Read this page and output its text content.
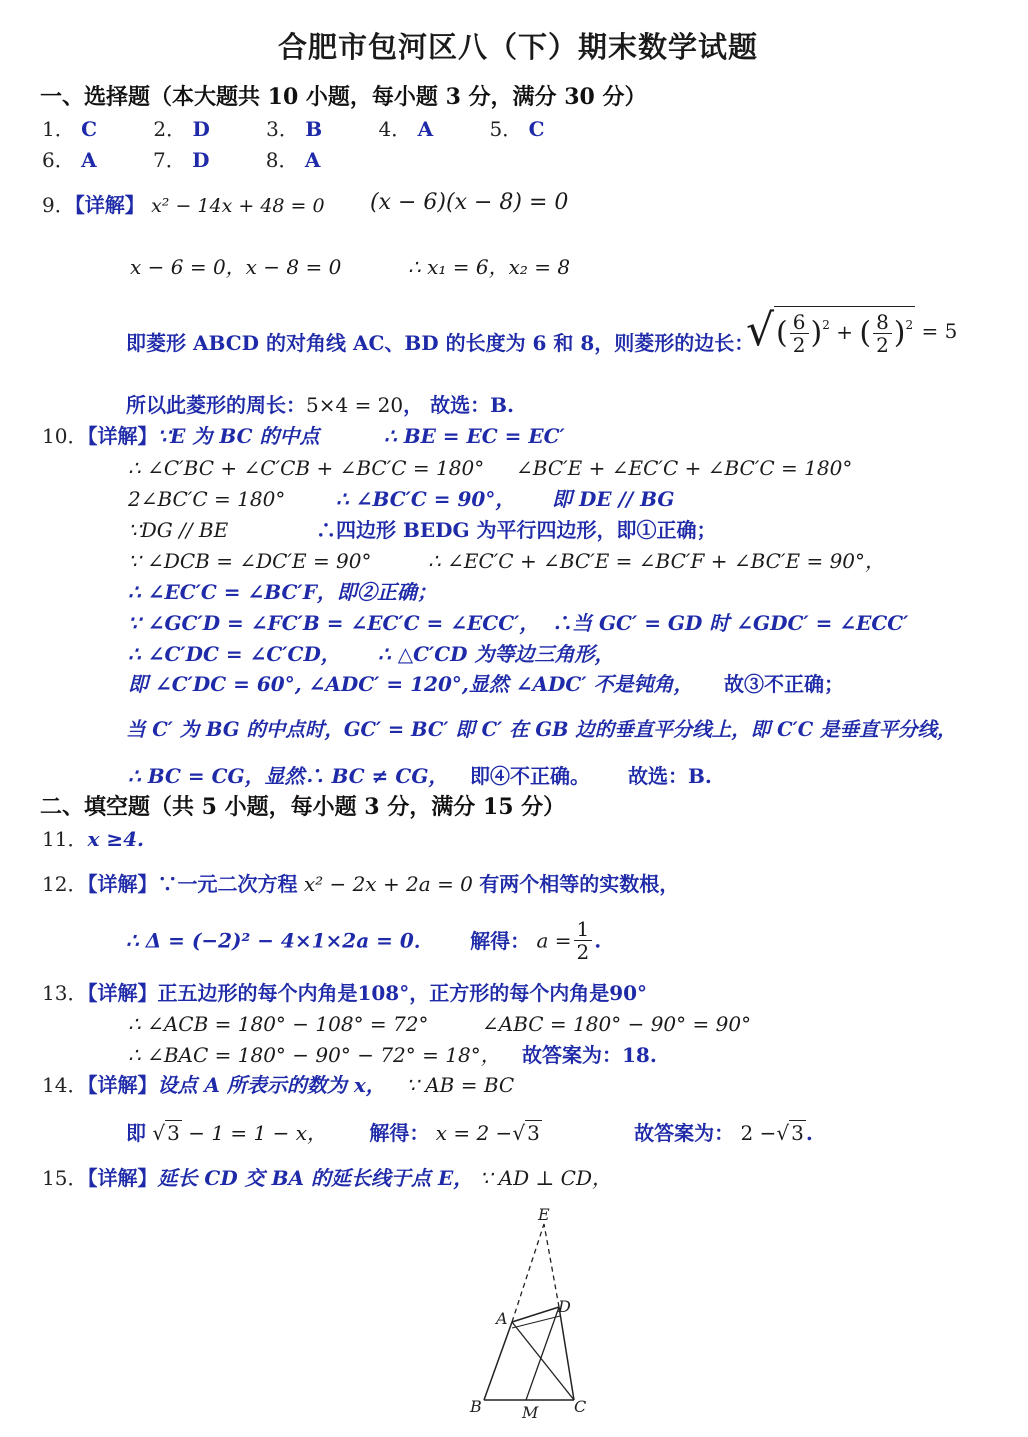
合肥市包河区八（下）期末数学试题
一、选择题（本大题共 10 小题，每小题 3 分，满分 30 分）
1． C	2． D	3． B	4． A	5． C
6． A	7． D	8． A
9．【详解】 x² − 14x + 48 = 0 (x − 6)(x − 8) = 0
x − 6 = 0，x − 8 = 0	∴ x₁ = 6，x₂ = 8
即菱形 ABCD 的对角线 AC、BD 的长度为 6 和 8，则菱形的边长：
√( $\frac{6}{2} )^2$ + ( $\frac{8}{2} )^2 = 5$
所以此菱形的周长：5×4 = 20， 故选：B.
10．【详解】∵E 为 BC 的中点	∴ BE = EC = EC′
∴ ∠C′BC + ∠C′CB + ∠BC′C = 180° ∠BC′E + ∠EC′C + ∠BC′C = 180°
2∠BC′C = 180°	∴ ∠BC′C = 90°， 即 DE // BG
∵DG // BE	∴四边形 BEDG 为平行四边形，即①正确；
∵ ∠DCB = ∠DC′E = 90°	∴ ∠EC′C + ∠BC′E = ∠BC′F + ∠BC′E = 90°，
∴ ∠EC′C = ∠BC′F，即②正确；
∵ ∠GC′D = ∠FC′B = ∠EC′C = ∠ECC′， ∴当 GC′ = GD 时 ∠GDC′ = ∠ECC′
∴ ∠C′DC = ∠C′CD， ∴ △C′CD 为等边三角形，
即 ∠C′DC = 60°, ∠ADC′ = 120°,显然 ∠ADC′ 不是钝角， 故③不正确；
当 C′ 为 BG 的中点时，GC′ = BC′ 即 C′ 在 GB 边的垂直平分线上，即 C′C 是垂直平分线，
∴ BC = CG，显然∴ BC ≠ CG， 即④不正确。 故选：B.
二、填空题（共 5 小题，每小题 3 分，满分 15 分）
11．x ≥4.
12．【详解】∵一元二次方程 x² − 2x + 2a = 0 有两个相等的实数根，
∴ Δ = (−2)² − 4×1×2a = 0． 解得： $a = \frac{1}{2}$ .
13．【详解】正五边形的每个内角是108°，正方形的每个内角是90°
∴ ∠ACB = 180° − 108° = 72°	∠ABC = 180° − 90° = 90°
∴ ∠BAC = 180° − 90° − 72° = 18°， 故答案为：18.
14．【详解】设点 A 所表示的数为 x， ∵ AB = BC
即 √ 3 − 1 = 1 − x， 解得： x = 2 −√ 3	故答案为： 2 −√ 3 .
15．【详解】延长 CD 交 BA 的延长线于点 E， ∵ AD ⊥ CD，
E
D
A
B	M C
